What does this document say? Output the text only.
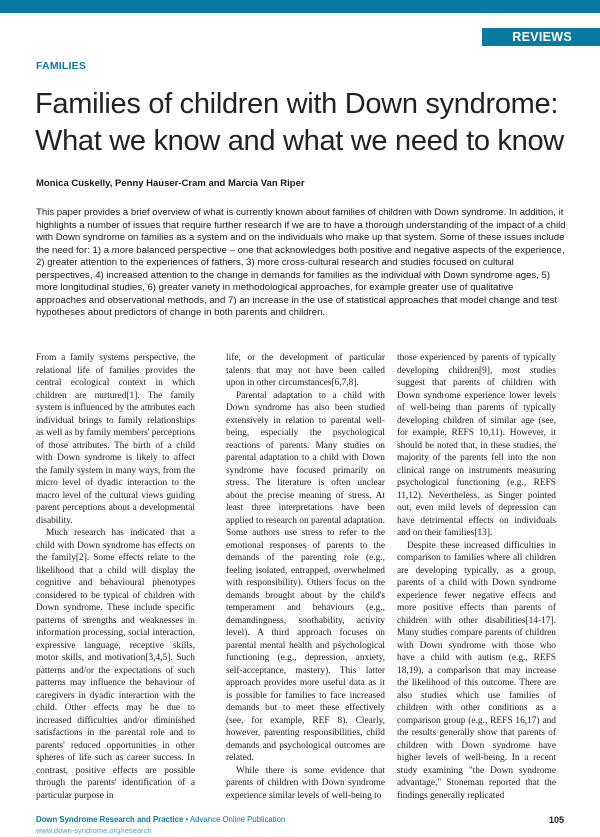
REVIEWS
FAMILIES
Families of children with Down syndrome: What we know and what we need to know
Monica Cuskelly, Penny Hauser-Cram and Marcia Van Riper

This paper provides a brief overview of what is currently known about families of children with Down syndrome. In addition, it highlights a number of issues that require further research if we are to have a thorough understanding of the impact of a child with Down syndrome on families as a system and on the individuals who make up that system. Some of these issues include the need for: 1) a more balanced perspective – one that acknowledges both positive and negative aspects of the experience, 2) greater attention to the experiences of fathers, 3) more cross-cultural research and studies focused on cultural perspectives, 4) increased attention to the change in demands for families as the individual with Down syndrome ages, 5) more longitudinal studies, 6) greater variety in methodological approaches, for example greater use of qualitative approaches and observational methods, and 7) an increase in the use of statistical approaches that model change and test hypotheses about predictors of change in both parents and children.

From a family systems perspective, the relational life of families provides the central ecological context in which children are nurtured[1]. The family system is influenced by the attributes each individual brings to family relationships as well as by family members' perceptions of those attributes. The birth of a child with Down syndrome is likely to affect the family system in many ways, from the micro level of dyadic interaction to the macro level of the cultural views guiding parent perceptions about a developmental disability.

Much research has indicated that a child with Down syndrome has effects on the family[2]. Some effects relate to the likelihood that a child will display the cognitive and behavioural phenotypes considered to be typical of children with Down syndrome. These include specific patterns of strengths and weaknesses in information processing, social interaction, expressive language, receptive skills, motor skills, and motivation[3,4,5]. Such patterns and/or the expectations of such patterns may influence the behaviour of caregivers in dyadic interaction with the child. Other effects may be due to increased difficulties and/or diminished satisfactions in the parental role and to parents' reduced opportunities in other spheres of life such as career success. In contrast, positive effects are possible through the parents' identification of a particular purpose in

life, or the development of particular talents that may not have been called upon in other circumstances[6,7,8].

Parental adaptation to a child with Down syndrome has also been studied extensively in relation to parental well-being, especially the psychological reactions of parents. Many studies on parental adaptation to a child with Down syndrome have focused primarily on stress. The literature is often unclear about the precise meaning of stress. At least three interpretations have been applied to research on parental adaptation. Some authors use stress to refer to the emotional responses of parents to the demands of the parenting role (e.g., feeling isolated, entrapped, overwhelmed with responsibility). Others focus on the demands brought about by the child's temperament and behaviours (e.g., demandingness, soothability, activity level). A third approach focuses on parental mental health and psychological functioning (e.g., depression, anxiety, self-acceptance, mastery). This latter approach provides more useful data as it is possible for families to face increased demands but to meet these effectively (see, for example, REF 8). Clearly, however, parenting responsibilities, child demands and psychological outcomes are related.

While there is some evidence that parents of children with Down syndrome experience similar levels of well-being to

those experienced by parents of typically developing children[9], most studies suggest that parents of children with Down syndrome experience lower levels of well-being than parents of typically developing children of similar age (see, for example, REFS 10,11). However, it should be noted that, in these studies, the majority of the parents fell into the non clinical range on instruments measuring psychological functioning (e.g., REFS 11,12). Nevertheless, as Singer pointed out, even mild levels of depression can have detrimental effects on individuals and on their families[13].

Despite these increased difficulties in comparison to families where all children are developing typically, as a group, parents of a child with Down syndrome experience fewer negative effects and more positive effects than parents of children with other disabilities[14-17]. Many studies compare parents of children with Down syndrome with those who have a child with autism (e.g., REFS 18,19), a comparison that may increase the likelihood of this outcome. There are also studies which use families of children with other conditions as a comparison group (e.g., REFS 16,17) and the results generally show that parents of children with Down syndrome have higher levels of well-being. In a recent study examining "the Down syndrome advantage," Stoneman reported that the findings generally replicated

Down Syndrome Research and Practice • Advance Online Publication
www.down-syndrome.org/research
105
